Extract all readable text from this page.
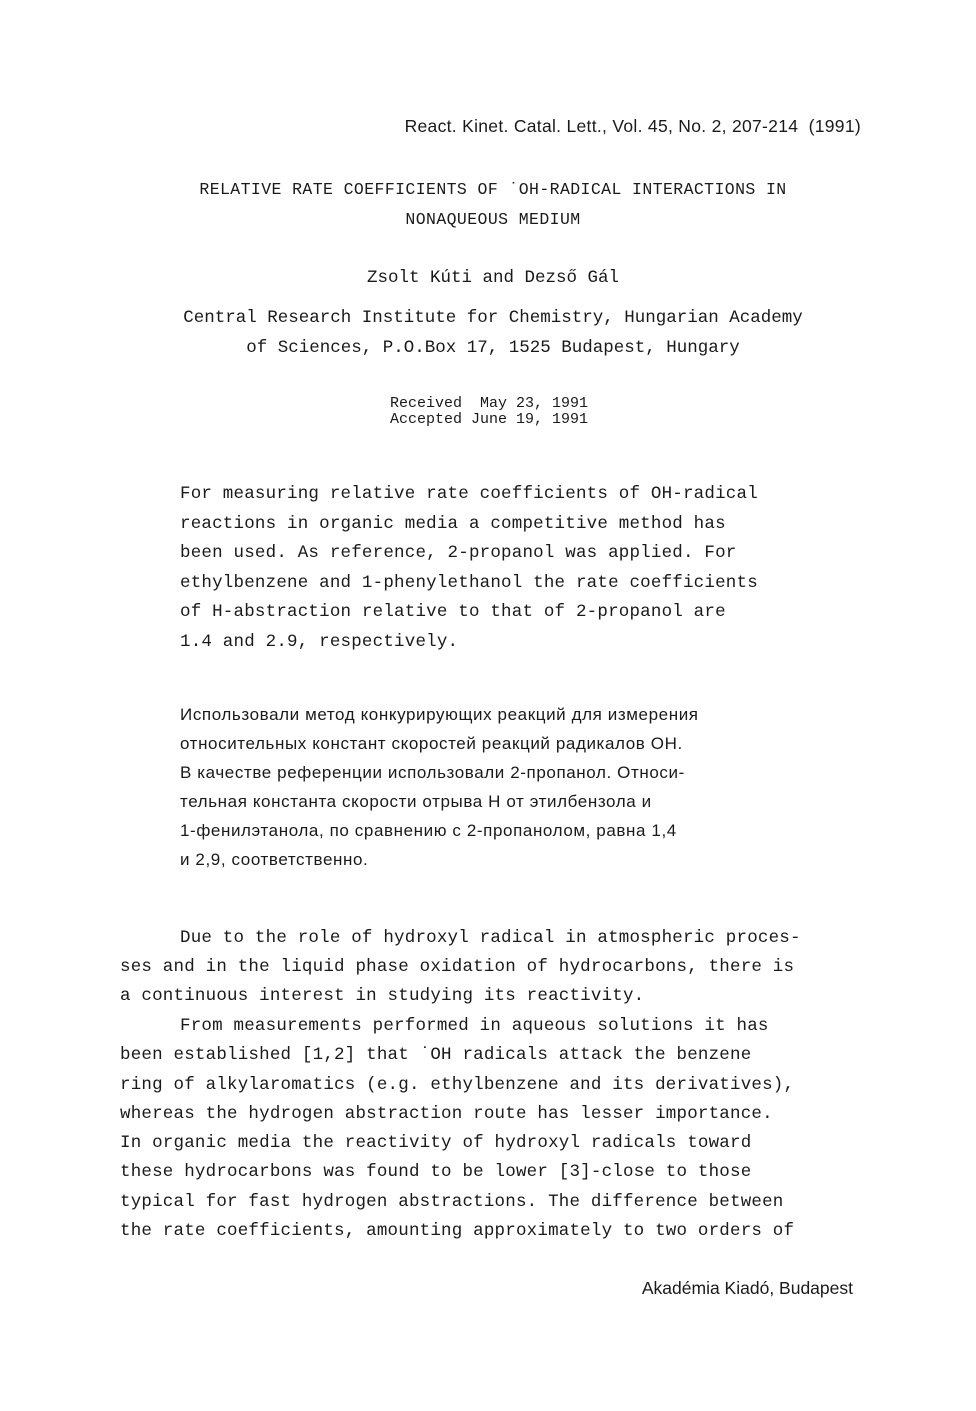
React. Kinet. Catal. Lett., Vol. 45, No. 2, 207-214  (1991)
RELATIVE RATE COEFFICIENTS OF ˙OH-RADICAL INTERACTIONS IN
NONAQUEOUS MEDIUM
Zsolt Kúti and Dezső Gál
Central Research Institute for Chemistry, Hungarian Academy
of Sciences, P.O.Box 17, 1525 Budapest, Hungary
Received  May 23, 1991
Accepted June 19, 1991
For measuring relative rate coefficients of OH-radical
reactions in organic media a competitive method has
been used. As reference, 2-propanol was applied. For
ethylbenzene and 1-phenylethanol the rate coefficients
of H-abstraction relative to that of 2-propanol are
1.4 and 2.9, respectively.
Использовали метод конкурирующих реакций для измерения
относительных констант скоростей реакций радикалов ОН.
В качестве референции использовали 2-пропанол. Относи-
тельная константа скорости отрыва Н от этилбензола и
1-фенилэтанола, по сравнению с 2-пропанолом, равна 1,4
и 2,9, соответственно.
Due to the role of hydroxyl radical in atmospheric proces-
ses and in the liquid phase oxidation of hydrocarbons, there is
a continuous interest in studying its reactivity.
From measurements performed in aqueous solutions it has
been established [1,2] that ˙OH radicals attack the benzene
ring of alkylaromatics (e.g. ethylbenzene and its derivatives),
whereas the hydrogen abstraction route has lesser importance.
In organic media the reactivity of hydroxyl radicals toward
these hydrocarbons was found to be lower [3]-close to those
typical for fast hydrogen abstractions. The difference between
the rate coefficients, amounting approximately to two orders of
Akadémia Kiadó, Budapest
